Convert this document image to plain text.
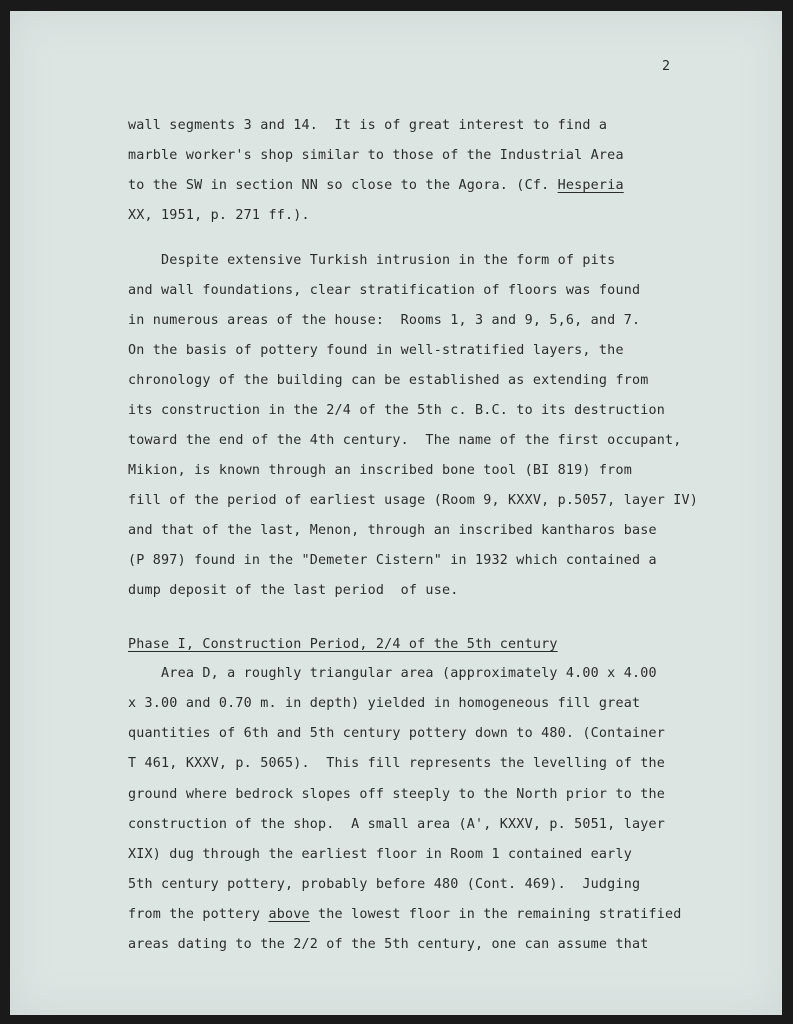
2
wall segments 3 and 14.  It is of great interest to find a
marble worker's shop similar to those of the Industrial Area
to the SW in section NN so close to the Agora. (Cf. Hesperia
XX, 1951, p. 271 ff.).
Despite extensive Turkish intrusion in the form of pits
and wall foundations, clear stratification of floors was found
in numerous areas of the house:  Rooms 1, 3 and 9, 5,6, and 7.
On the basis of pottery found in well-stratified layers, the
chronology of the building can be established as extending from
its construction in the 2/4 of the 5th c. B.C. to its destruction
toward the end of the 4th century.  The name of the first occupant,
Mikion, is known through an inscribed bone tool (BI 819) from
fill of the period of earliest usage (Room 9, KXXV, p.5057, layer IV)
and that of the last, Menon, through an inscribed kantharos base
(P 897) found in the "Demeter Cistern" in 1932 which contained a
dump deposit of the last period  of use.
Phase I, Construction Period, 2/4 of the 5th century
Area D, a roughly triangular area (approximately 4.00 x 4.00
x 3.00 and 0.70 m. in depth) yielded in homogeneous fill great
quantities of 6th and 5th century pottery down to 480. (Container
T 461, KXXV, p. 5065).  This fill represents the levelling of the
ground where bedrock slopes off steeply to the North prior to the
construction of the shop.  A small area (A', KXXV, p. 5051, layer
XIX) dug through the earliest floor in Room 1 contained early
5th century pottery, probably before 480 (Cont. 469).  Judging
from the pottery above the lowest floor in the remaining stratified
areas dating to the 2/2 of the 5th century, one can assume that
